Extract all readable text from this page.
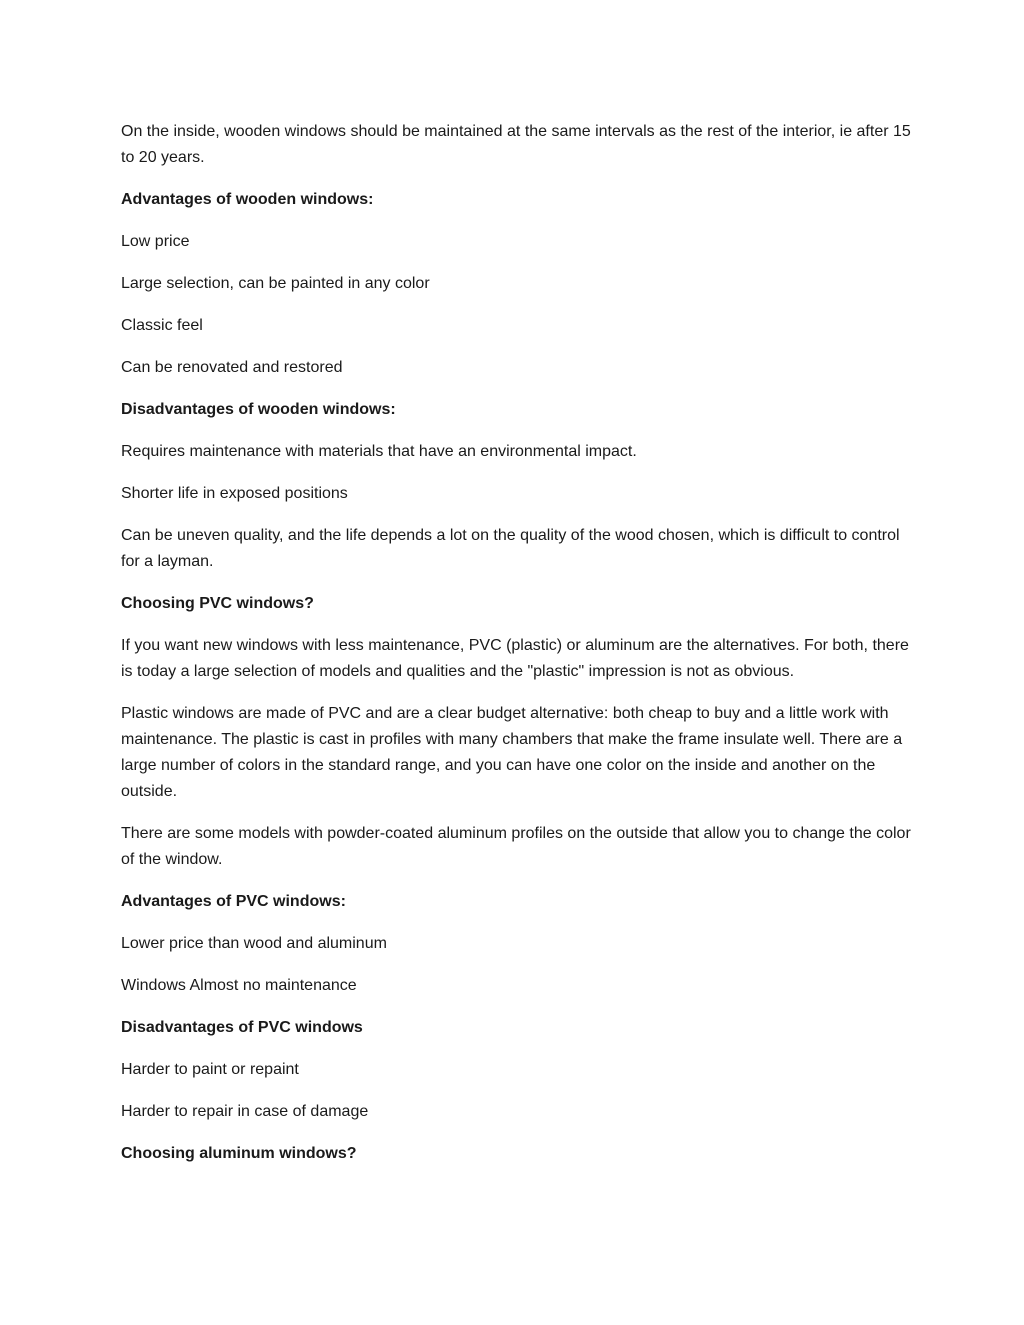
On the inside, wooden windows should be maintained at the same intervals as the rest of the interior, ie after 15 to 20 years.

Advantages of wooden windows:

Low price

Large selection, can be painted in any color

Classic feel

Can be renovated and restored

Disadvantages of wooden windows:

Requires maintenance with materials that have an environmental impact.

Shorter life in exposed positions

Can be uneven quality, and the life depends a lot on the quality of the wood chosen, which is difficult to control for a layman.

Choosing PVC windows?

If you want new windows with less maintenance, PVC (plastic) or aluminum are the alternatives. For both, there is today a large selection of models and qualities and the "plastic" impression is not as obvious.

Plastic windows are made of PVC and are a clear budget alternative: both cheap to buy and a little work with maintenance. The plastic is cast in profiles with many chambers that make the frame insulate well. There are a large number of colors in the standard range, and you can have one color on the inside and another on the outside.

There are some models with powder-coated aluminum profiles on the outside that allow you to change the color of the window.

Advantages of PVC windows:

Lower price than wood and aluminum

Windows Almost no maintenance

Disadvantages of PVC windows

Harder to paint or repaint

Harder to repair in case of damage

Choosing aluminum windows?
